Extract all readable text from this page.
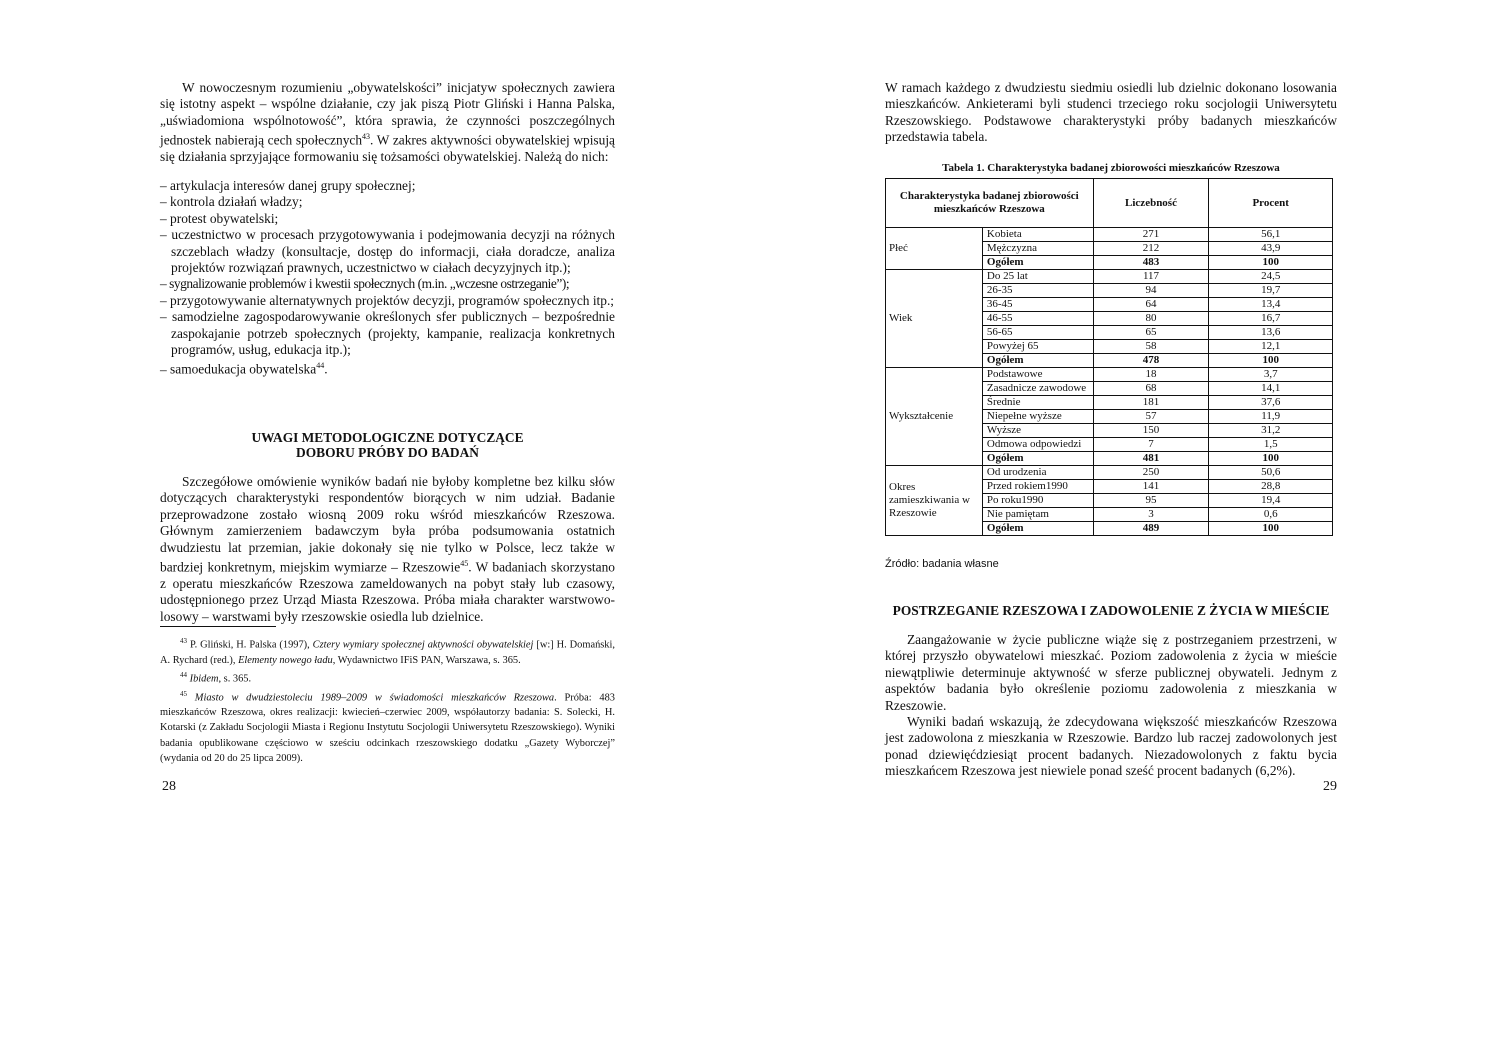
W nowoczesnym rozumieniu „obywatelskości” inicjatyw społecznych zawiera się istotny aspekt – wspólne działanie, czy jak piszą Piotr Gliński i Hanna Palska, „uświadomiona wspólnotowość”, która sprawia, że czynności poszczególnych jednostek nabierają cech społecznych$^{43}$. W zakres aktywności obywatelskiej wpisują się działania sprzyjające formowaniu się tożsamości obywatelskiej. Należą do nich:

– artykulacja interesów danej grupy społecznej;
– kontrola działań władzy;
– protest obywatelski;
– uczestnictwo w procesach przygotowywania i podejmowania decyzji na różnych szczeblach władzy (konsultacje, dostęp do informacji, ciała doradcze, analiza projektów rozwiązań prawnych, uczestnictwo w ciałach decyzyjnych itp.);
– sygnalizowanie problemów i kwestii społecznych (m.in. „wczesne ostrzeganie”);
– przygotowywanie alternatywnych projektów decyzji, programów społecznych itp.;
– samodzielne zagospodarowywanie określonych sfer publicznych – bezpośrednie zaspokajanie potrzeb społecznych (projekty, kampanie, realizacja konkretnych programów, usług, edukacja itp.);
– samoedukacja obywatelska$^{44}$.
UWAGI METODOLOGICZNE DOTYCZĄCE
DOBORU PRÓBY DO BADAŃ

Szczegółowe omówienie wyników badań nie byłoby kompletne bez kilku słów dotyczących charakterystyki respondentów biorących w nim udział. Badanie przeprowadzone zostało wiosną 2009 roku wśród mieszkańców Rzeszowa. Głównym zamierzeniem badawczym była próba podsumowania ostatnich dwudziestu lat przemian, jakie dokonały się nie tylko w Polsce, lecz także w bardziej konkretnym, miejskim wymiarze – Rzeszowie$^{45}$. W badaniach skorzystano z operatu mieszkańców Rzeszowa zameldowanych na pobyt stały lub czasowy, udostępnionego przez Urząd Miasta Rzeszowa. Próba miała charakter warstwowo-losowy – warstwami były rzeszowskie osiedla lub dzielnice.

$^{43}$ P. Gliński, H. Palska (1997), Cztery wymiary społecznej aktywności obywatelskiej [w:] H. Domański, A. Rychard (red.), Elementy nowego ładu, Wydawnictwo IFiS PAN, Warszawa, s. 365.

$^{44}$ Ibidem, s. 365.

$^{45}$ Miasto w dwudziestoleciu 1989–2009 w świadomości mieszkańców Rzeszowa. Próba: 483 mieszkańców Rzeszowa, okres realizacji: kwiecień–czerwiec 2009, współautorzy badania: S. Solecki, H. Kotarski (z Zakładu Socjologii Miasta i Regionu Instytutu Socjologii Uniwersytetu Rzeszowskiego). Wyniki badania opublikowane częściowo w sześciu odcinkach rzeszowskiego dodatku „Gazety Wyborczej” (wydania od 20 do 25 lipca 2009).

28

W ramach każdego z dwudziestu siedmiu osiedli lub dzielnic dokonano losowania mieszkańców. Ankieterami byli studenci trzeciego roku socjologii Uniwersytetu Rzeszowskiego. Podstawowe charakterystyki próby badanych mieszkańców przedstawia tabela.

Tabela 1. Charakterystyka badanej zbiorowości mieszkańców Rzeszowa
Charakterystyka badanej zbiorowości mieszkańców Rzeszowa		Liczebność	Procent
Płeć	Kobieta	271	56,1
	Mężczyzna	212	43,9
	Ogółem	483	100
Wiek	Do 25 lat	117	24,5
	26-35	94	19,7
	36-45	64	13,4
	46-55	80	16,7
	56-65	65	13,6
	Powyżej 65	58	12,1
	Ogółem	478	100
Wykształcenie	Podstawowe	18	3,7
	Zasadnicze zawodowe	68	14,1
	Średnie	181	37,6
	Niepełne wyższe	57	11,9
	Wyższe	150	31,2
	Odmowa odpowiedzi	7	1,5
	Ogółem	481	100
Okres zamieszkiwania w Rzeszowie	Od urodzenia	250	50,6
	Przed rokiem1990	141	28,8
	Po roku1990	95	19,4
	Nie pamiętam	3	0,6
	Ogółem	489	100
Źródło: badania własne
POSTRZEGANIE RZESZOWA I ZADOWOLENIE Z ŻYCIA W MIEŚCIE

Zaangażowanie w życie publiczne wiąże się z postrzeganiem przestrzeni, w której przyszło obywatelowi mieszkać. Poziom zadowolenia z życia w mieście niewątpliwie determinuje aktywność w sferze publicznej obywateli. Jednym z aspektów badania było określenie poziomu zadowolenia z mieszkania w Rzeszowie.

Wyniki badań wskazują, że zdecydowana większość mieszkańców Rzeszowa jest zadowolona z mieszkania w Rzeszowie. Bardzo lub raczej zadowolonych jest ponad dziewięćdziesiąt procent badanych. Niezadowolonych z faktu bycia mieszkańcem Rzeszowa jest niewiele ponad sześć procent badanych (6,2%).

29
